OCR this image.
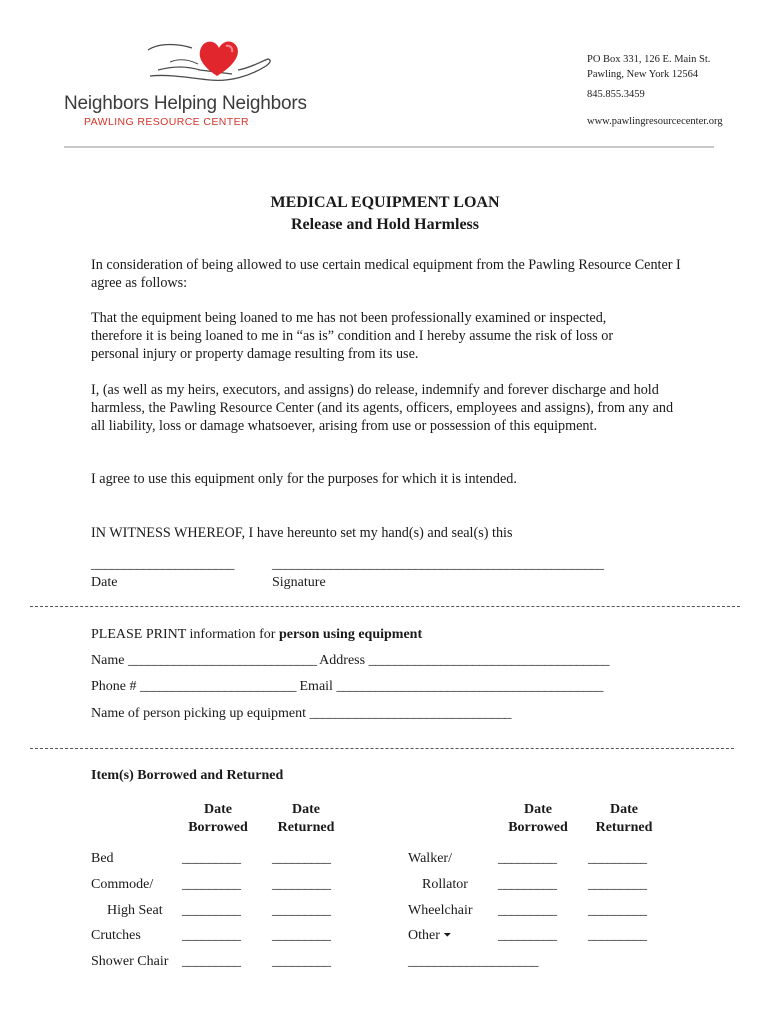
Neighbors Helping Neighbors
PAWLING RESOURCE CENTER
PO Box 331, 126 E. Main St.
Pawling, New York 12564
845.855.3459
www.pawlingresourcecenter.org
MEDICAL EQUIPMENT LOAN
Release and Hold Harmless
In consideration of being allowed to use certain medical equipment from the Pawling Resource Center I agree as follows:
That the equipment being loaned to me has not been professionally examined or inspected, therefore it is being loaned to me in “as is” condition and I hereby assume the risk of loss or personal injury or property damage resulting from its use.
I, (as well as my heirs, executors, and assigns) do release, indemnify and forever discharge and hold harmless, the Pawling Resource Center (and its agents, officers, employees and assigns), from any and all liability, loss or damage whatsoever, arising from use or possession of this equipment.
I agree to use this equipment only for the purposes for which it is intended.
IN WITNESS WHEREOF, I have hereunto set my hand(s) and seal(s) this
______________________	___________________________________________________
Date	Signature
PLEASE PRINT information for person using equipment
Name _____________________________ Address _____________________________________
Phone # ________________________ Email _________________________________________
Name of person picking up equipment _______________________________
Item(s) Borrowed and Returned
Date
Borrowed
Date
Returned
Date
Borrowed
Date
Returned
Bed
Commode/
High Seat
Crutches
Shower Chair
_________ _________
_________ _________
_________ _________
_________ _________
_________ _________
Walker/
Rollator
Wheelchair
Other ⏷
____________________
_________ _________
_________ _________
_________ _________
_________ _________
